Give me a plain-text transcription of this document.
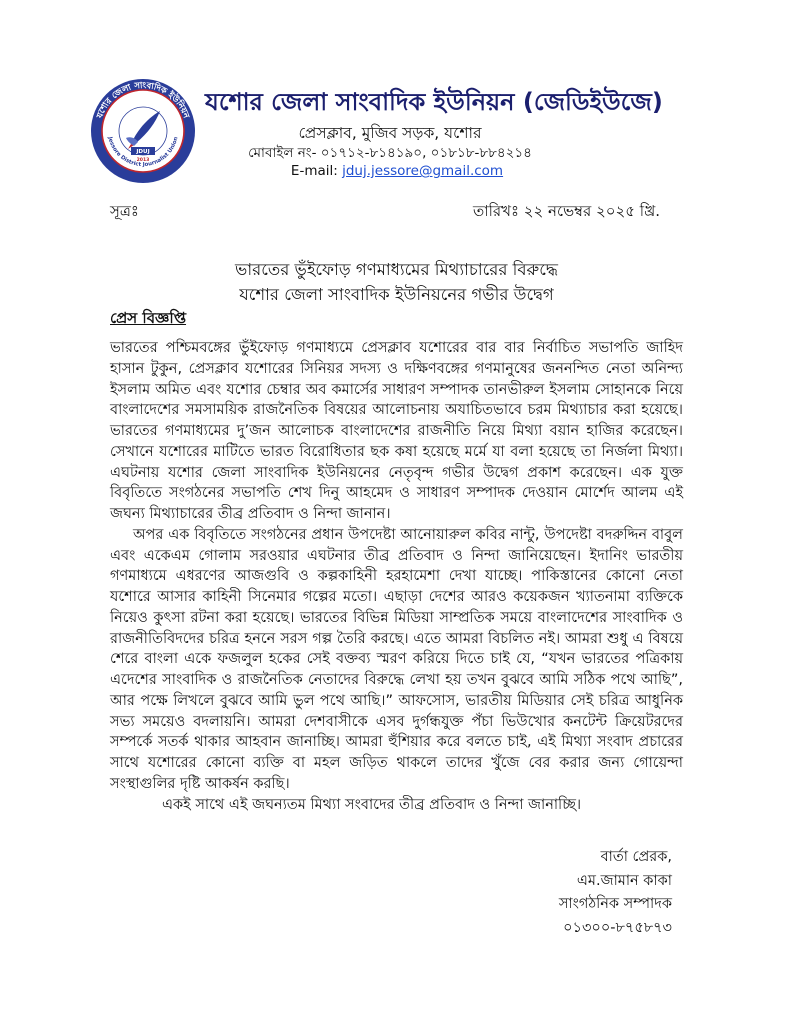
যশোর জেলা সাংবাদিক ইউনিয়ন
Jessore District Journalist Union
JDUJ
2013
যশোর জেলা সাংবাদিক ইউনিয়ন (জেডিইউজে)
প্রেসক্লাব, মুজিব সড়ক, যশোর
মোবাইল নং- ০১৭১২-৮১৪১৯০, ০১৮১৮-৮৮৪২১৪
E-mail: jduj.jessore@gmail.com
সূত্রঃ	তারিখঃ ২২ নভেম্বর ২০২৫ খ্রি.
ভারতের ভুঁইফোড় গণমাধ্যমের মিথ্যাচারের বিরুদ্ধে
যশোর জেলা সাংবাদিক ইউনিয়নের গভীর উদ্বেগ
প্রেস বিজ্ঞপ্তি

ভারতের পশ্চিমবঙ্গের ভুঁইফোড় গণমাধ্যমে প্রেসক্লাব যশোরের বার বার নির্বাচিত সভাপতি জাহিদ হাসান টুকুন, প্রেসক্লাব যশোরের সিনিয়র সদস্য ও দক্ষিণবঙ্গের গণমানুষের জননন্দিত নেতা অনিন্দ্য ইসলাম অমিত এবং যশোর চেম্বার অব কমার্সের সাধারণ সম্পাদক তানভীরুল ইসলাম সোহানকে নিয়ে বাংলাদেশের সমসাময়িক রাজনৈতিক বিষয়ের আলোচনায় অযাচিতভাবে চরম মিথ্যাচার করা হয়েছে। ভারতের গণমাধ্যমের দু’জন আলোচক বাংলাদেশের রাজনীতি নিয়ে মিথ্যা বয়ান হাজির করেছেন। সেখানে যশোরের মাটিতে ভারত বিরোধিতার ছক কষা হয়েছে মর্মে যা বলা হয়েছে তা নির্জলা মিথ্যা। এঘটনায় যশোর জেলা সাংবাদিক ইউনিয়নের নেতৃবৃন্দ গভীর উদ্বেগ প্রকাশ করেছেন। এক যুক্ত বিবৃতিতে সংগঠনের সভাপতি শেখ দিনু আহমেদ ও সাধারণ সম্পাদক দেওয়ান মোর্শেদ আলম এই জঘন্য মিথ্যাচারের তীব্র প্রতিবাদ ও নিন্দা জানান।

অপর এক বিবৃতিতে সংগঠনের প্রধান উপদেষ্টা আনোয়ারুল কবির নান্টু, উপদেষ্টা বদরুদ্দিন বাবুল এবং একেএম গোলাম সরওয়ার এঘটনার তীব্র প্রতিবাদ ও নিন্দা জানিয়েছেন। ইদানিং ভারতীয় গণমাধ্যমে এধরণের আজগুবি ও কল্পকাহিনী হরহামেশা দেখা যাচ্ছে। পাকিস্তানের কোনো নেতা যশোরে আসার কাহিনী সিনেমার গল্পের মতো। এছাড়া দেশের আরও কয়েকজন খ্যাতনামা ব্যক্তিকে নিয়েও কুৎসা রটনা করা হয়েছে। ভারতের বিভিন্ন মিডিয়া সাম্প্রতিক সময়ে বাংলাদেশের সাংবাদিক ও রাজনীতিবিদদের চরিত্র হননে সরস গল্প তৈরি করছে। এতে আমরা বিচলিত নই। আমরা শুধু এ বিষয়ে শেরে বাংলা একে ফজলুল হকের সেই বক্তব্য স্মরণ করিয়ে দিতে চাই যে, “যখন ভারতের পত্রিকায় এদেশের সাংবাদিক ও রাজনৈতিক নেতাদের বিরুদ্ধে লেখা হয় তখন বুঝবে আমি সঠিক পথে আছি”, আর পক্ষে লিখলে বুঝবে আমি ভুল পথে আছি।” আফসোস, ভারতীয় মিডিয়ার সেই চরিত্র আধুনিক সভ্য সময়েও বদলায়নি। আমরা দেশবাসীকে এসব দুর্গন্ধযুক্ত পঁচা ভিউখোর কনটেন্ট ক্রিয়েটরদের সম্পর্কে সতর্ক থাকার আহবান জানাচ্ছি। আমরা হুঁশিয়ার করে বলতে চাই, এই মিথ্যা সংবাদ প্রচারের সাথে যশোরের কোনো ব্যক্তি বা মহল জড়িত থাকলে তাদের খুঁজে বের করার জন্য গোয়েন্দা সংস্থাগুলির দৃষ্টি আকর্ষন করছি।

একই সাথে এই জঘন্যতম মিথ্যা সংবাদের তীব্র প্রতিবাদ ও নিন্দা জানাচ্ছি।

বার্তা প্রেরক,
এম.জামান কাকা
সাংগঠনিক সম্পাদক
০১৩০০-৮৭৫৮৭৩
